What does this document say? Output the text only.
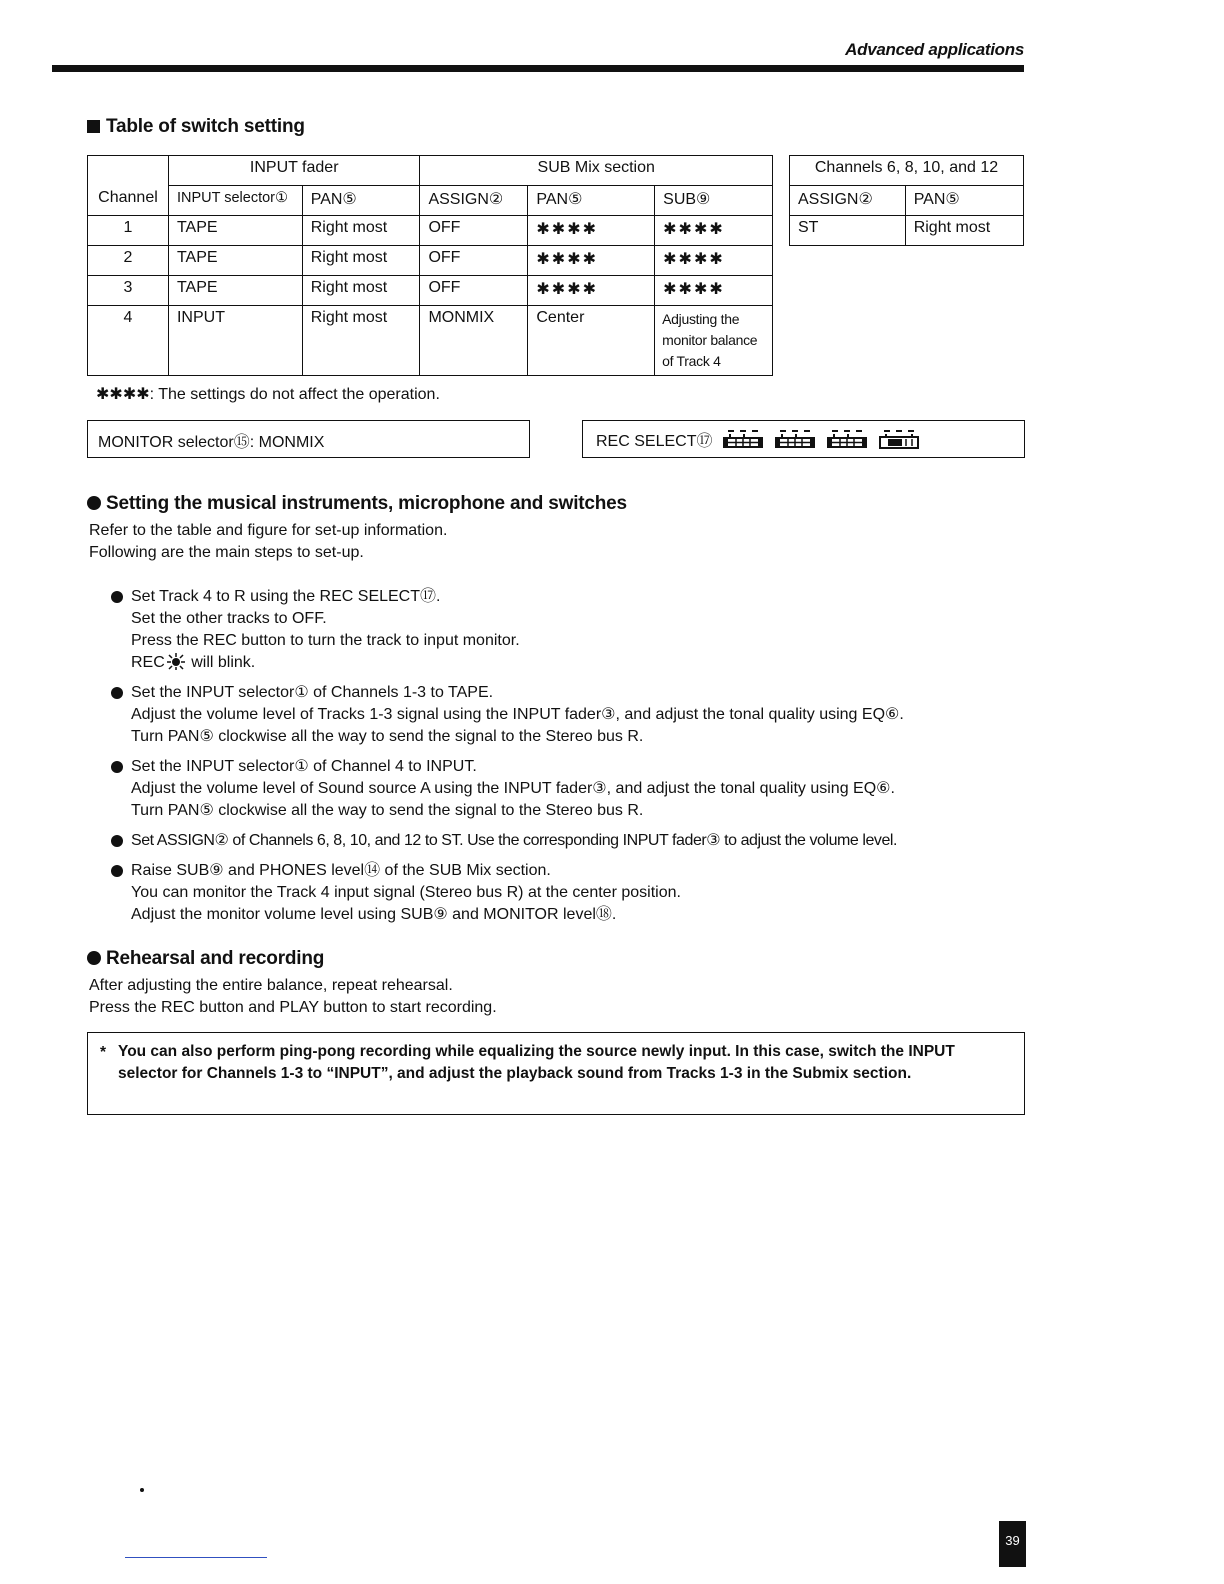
Advanced applications
Table of switch setting
	INPUT fader		SUB Mix section		
Channel	INPUT selector①	PAN⑤	ASSIGN②	PAN⑤	SUB⑨
1	TAPE	Right most	OFF	✱✱✱✱	✱✱✱✱
2	TAPE	Right most	OFF	✱✱✱✱	✱✱✱✱
3	TAPE	Right most	OFF	✱✱✱✱	✱✱✱✱
4	INPUT	Right most	MONMIX	Center	Adjusting the monitor balance of Track 4
Channels 6, 8, 10, and 12	
ASSIGN②	PAN⑤
ST	Right most
✱✱✱✱: The settings do not affect the operation.
MONITOR selector⑮: MONMIX	REC SELECT⑰
Setting the musical instruments, microphone and switches
Refer to the table and figure for set-up information.
Following are the main steps to set-up.
Set Track 4 to R using the REC SELECT⑰.
Set the other tracks to OFF.
Press the REC button to turn the track to input monitor.
REC will blink.
Set the INPUT selector① of Channels 1-3 to TAPE.
Adjust the volume level of Tracks 1-3 signal using the INPUT fader③, and adjust the tonal quality using EQ⑥.
Turn PAN⑤ clockwise all the way to send the signal to the Stereo bus R.
Set the INPUT selector① of Channel 4 to INPUT.
Adjust the volume level of Sound source A using the INPUT fader③, and adjust the tonal quality using EQ⑥.
Turn PAN⑤ clockwise all the way to send the signal to the Stereo bus R.
Set ASSIGN② of Channels 6, 8, 10, and 12 to ST. Use the corresponding INPUT fader③ to adjust the volume level.
Raise SUB⑨ and PHONES level⑭ of the SUB Mix section.
You can monitor the Track 4 input signal (Stereo bus R) at the center position.
Adjust the monitor volume level using SUB⑨ and MONITOR level⑱.
Rehearsal and recording
After adjusting the entire balance, repeat rehearsal.
Press the REC button and PLAY button to start recording.
* You can also perform ping-pong recording while equalizing the source newly input. In this case, switch the INPUT selector for Channels 1-3 to “INPUT”, and adjust the playback sound from Tracks 1-3 in the Submix section.
39
